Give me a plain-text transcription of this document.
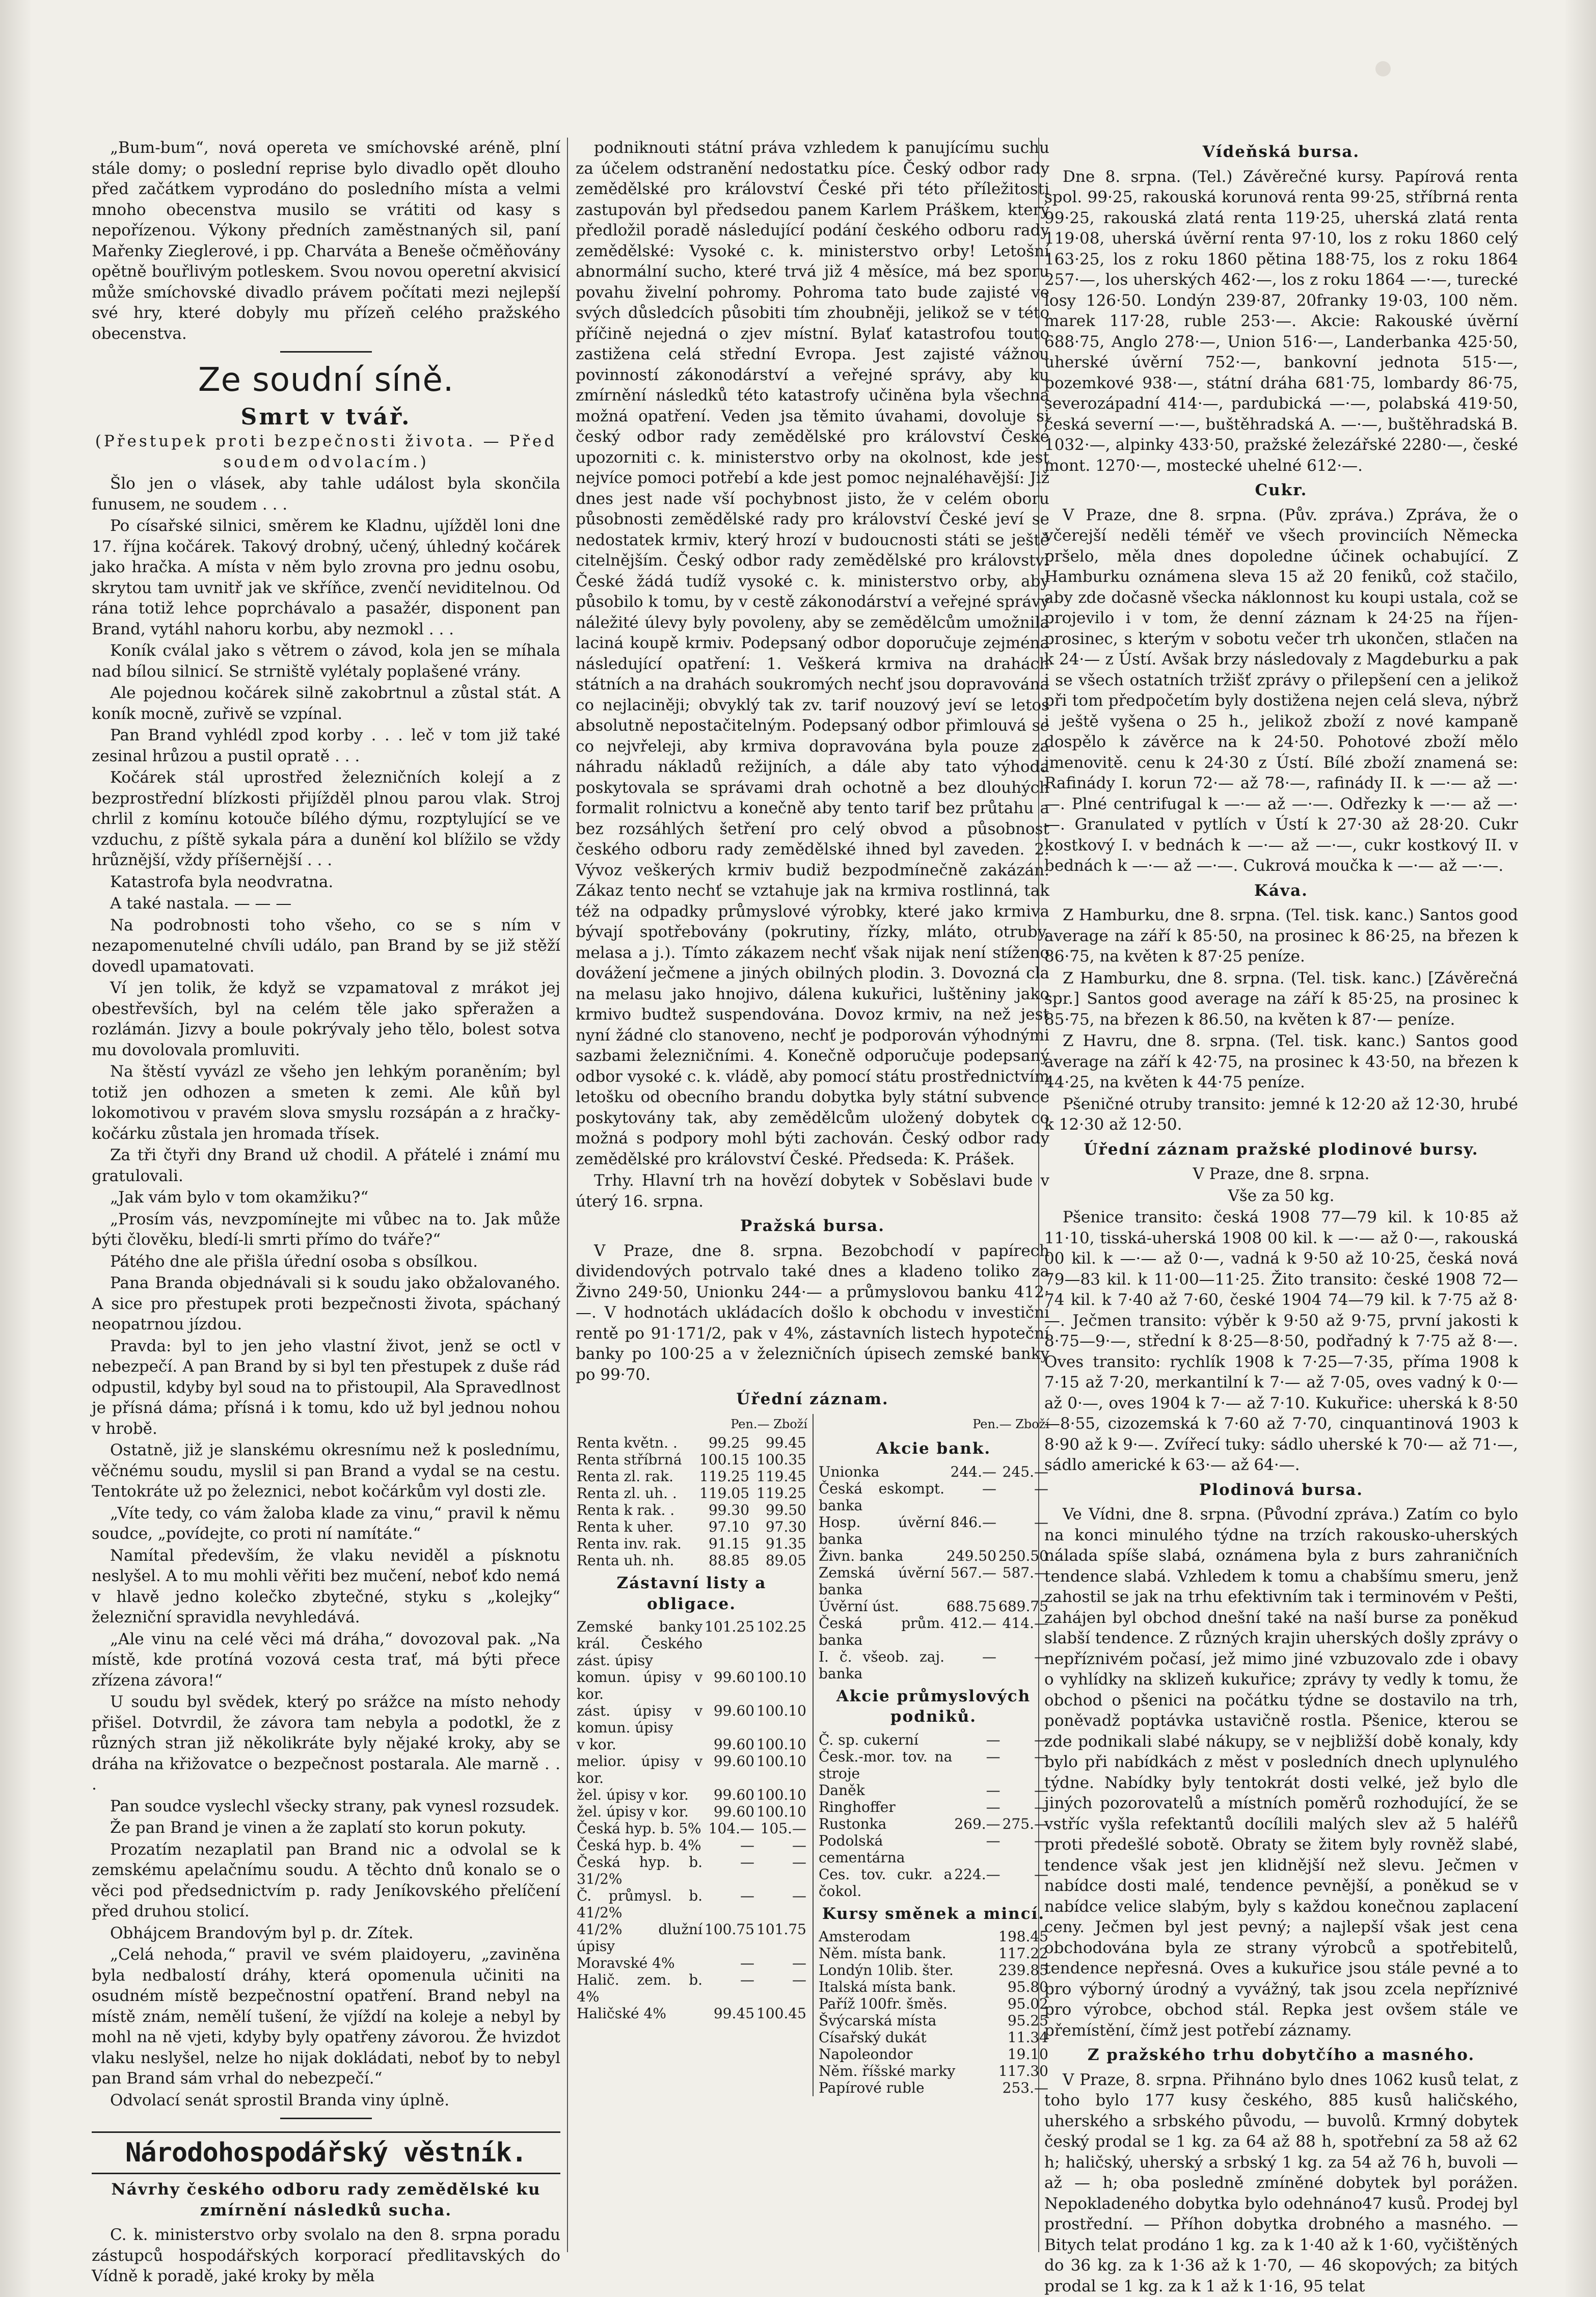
„Bum-bum“, nová opereta ve smíchovské aréně, plní stále domy; o poslední reprise bylo divadlo opět dlouho před začátkem vyprodáno do posledního místa a velmi mnoho obecenstva musilo se vrátiti od kasy s nepořízenou. Výkony předních zaměstnaných sil, paní Mařenky Zieglerové, i pp. Charváta a Beneše očměňovány opětně bouřlivým potleskem. Svou novou operetní akvisicí může smíchovské divadlo právem počítati mezi nejlepší své hry, které dobyly mu přízeň celého pražského obecenstva.

Ze soudní síně.
Smrt v tvář.

(Přestupek proti bezpečnosti života. — Před soudem odvolacím.)

Šlo jen o vlásek, aby tahle událost byla skončila funusem, ne soudem . . .

Po císařské silnici, směrem ke Kladnu, ujížděl loni dne 17. října kočárek. Takový drobný, učený, úhledný kočárek jako hračka. A místa v něm bylo zrovna pro jednu osobu, skrytou tam uvnitř jak ve skříňce, zvenčí neviditelnou. Od rána totiž lehce poprchávalo a pasažér, disponent pan Brand, vytáhl nahoru korbu, aby nezmokl . . .

Koník cválal jako s větrem o závod, kola jen se míhala nad bílou silnicí. Se strniště vylétaly poplašené vrány.

Ale pojednou kočárek silně zakobrtnul a zůstal stát. A koník mocně, zuřivě se vzpínal.

Pan Brand vyhlédl zpod korby . . . leč v tom již také zesinal hrůzou a pustil opratě . . .

Kočárek stál uprostřed železničních kolejí a z bezprostřední blízkosti přijížděl plnou parou vlak. Stroj chrlil z komínu kotouče bílého dýmu, rozptylující se ve vzduchu, z píště sykala pára a dunění kol blížilo se vždy hrůznější, vždy příšernější . . .

Katastrofa byla neodvratna.

A také nastala. — — —

Na podrobnosti toho všeho, co se s ním v nezapomenutelné chvíli událo, pan Brand by se již stěží dovedl upamatovati.

Ví jen tolik, že když se vzpamatoval z mrákot jej obestřevších, byl na celém těle jako spřeražen a rozlámán. Jizvy a boule pokrývaly jeho tělo, bolest sotva mu dovolovala promluviti.

Na štěstí vyvázl ze všeho jen lehkým poraněním; byl totiž jen odhozen a smeten k zemi. Ale kůň byl lokomotivou v pravém slova smyslu rozsápán a z hračky-kočárku zůstala jen hromada třísek.

Za tři čtyři dny Brand už chodil. A přátelé i známí mu gratulovali.

„Jak vám bylo v tom okamžiku?“

„Prosím vás, nevzpomínejte mi vůbec na to. Jak může býti člověku, bledí-li smrti přímo do tváře?“

Pátého dne ale přišla úřední osoba s obsílkou.

Pana Branda objednávali si k soudu jako obžalovaného. A sice pro přestupek proti bezpečnosti života, spáchaný neopatrnou jízdou.

Pravda: byl to jen jeho vlastní život, jenž se octl v nebezpečí. A pan Brand by si byl ten přestupek z duše rád odpustil, kdyby byl soud na to přistoupil, Ala Spravedlnost je přísná dáma; přísná i k tomu, kdo už byl jednou nohou v hrobě.

Ostatně, již je slanskému okresnímu než k poslednímu, věčnému soudu, myslil si pan Brand a vydal se na cestu. Tentokráte už po železnici, nebot kočárkům vyl dosti zle.

„Víte tedy, co vám žaloba klade za vinu,“ pravil k němu soudce, „povídejte, co proti ní namítáte.“

Namítal především, že vlaku neviděl a písknotu neslyšel. A to mu mohli věřiti bez mučení, neboť kdo nemá v hlavě jedno kolečko zbytečné, styku s „kolejky“ železniční spravidla nevyhledává.

„Ale vinu na celé věci má dráha,“ dovozoval pak. „Na místě, kde protíná vozová cesta trať, má býti přece zřízena závora!“

U soudu byl svědek, který po srážce na místo nehody přišel. Dotvrdil, že závora tam nebyla a podotkl, že z různých stran již několikráte byly nějaké kroky, aby se dráha na křižovatce o bezpečnost postarala. Ale marně . . .

Pan soudce vyslechl všecky strany, pak vynesl rozsudek.

Že pan Brand je vinen a že zaplatí sto korun pokuty.

Prozatím nezaplatil pan Brand nic a odvolal se k zemskému apelačnímu soudu. A těchto dnů konalo se o věci pod předsednictvím p. rady Jeníkovského přelíčení před druhou stolicí.

Obhájcem Brandovým byl p. dr. Zítek.

„Celá nehoda,“ pravil ve svém plaidoyeru, „zaviněna byla nedbalostí dráhy, která opomenula učiniti na osudném místě bezpečnostní opatření. Brand nebyl na místě znám, nemělí tušení, že vjíždí na koleje a nebyl by mohl na ně vjeti, kdyby byly opatřeny závorou. Že hvizdot vlaku neslyšel, nelze ho nijak dokládati, neboť by to nebyl pan Brand sám vrhal do nebezpečí.“

Odvolací senát sprostil Branda viny úplně.

Národohospodářský věstník.

Návrhy českého odboru rady zemědělské ku zmírnění následků sucha.

C. k. ministerstvo orby svolalo na den 8. srpna poradu zástupců hospodářských korporací předlitavských do Vídně k poradě, jaké kroky by měla

podniknouti státní práva vzhledem k panujícímu suchu za účelem odstranění nedostatku píce. Český odbor rady zemědělské pro království České při této příležitosti zastupován byl předsedou panem Karlem Práškem, který předložil poradě následující podání českého odboru rady zemědělské: Vysoké c. k. ministerstvo orby! Letošní abnormální sucho, které trvá již 4 měsíce, má bez sporu povahu živelní pohromy. Pohroma tato bude zajisté ve svých důsledcích působiti tím zhoubněji, jelikož se v této příčině nejedná o zjev místní. Bylať katastrofou touto zastižena celá střední Evropa. Jest zajisté vážnou povinností zákonodárství a veřejné správy, aby ku zmírnění následků této katastrofy učiněna byla všechna možná opatření. Veden jsa těmito úvahami, dovoluje si český odbor rady zemědělské pro království České upozorniti c. k. ministerstvo orby na okolnost, kde jest nejvíce pomoci potřebí a kde jest pomoc nejnaléhavější: Již dnes jest nade vší pochybnost jisto, že v celém oboru působnosti zemědělské rady pro království České jeví se nedostatek krmiv, který hrozí v budoucnosti státi se ještě citelnějším. Český odbor rady zemědělské pro království České žádá tudíž vysoké c. k. ministerstvo orby, aby působilo k tomu, by v cestě zákonodárství a veřejné správy náležité úlevy byly povoleny, aby se zemědělcům umožnila laciná koupě krmiv. Podepsaný odbor doporučuje zejména následující opatření: 1. Veškerá krmiva na drahách státních a na drahách soukromých nechť jsou dopravována co nejlaciněji; obvyklý tak zv. tarif nouzový jeví se letos absolutně nepostačitelným. Podepsaný odbor přimlouvá se co nejvřeleji, aby krmiva dopravována byla pouze za náhradu nákladů režijních, a dále aby tato výhoda poskytovala se správami drah ochotně a bez dlouhých formalit rolnictvu a konečně aby tento tarif bez průtahu a bez rozsáhlých šetření pro celý obvod a působnost českého odboru rady zemědělské ihned byl zaveden. 2. Vývoz veškerých krmiv budiž bezpodmínečně zakázán. Zákaz tento nechť se vztahuje jak na krmiva rostlinná, tak též na odpadky průmyslové výrobky, které jako krmiva bývají spotřebovány (pokrutiny, řízky, mláto, otruby, melasa a j.). Tímto zákazem nechť však nijak není stíženo dovážení ječmene a jiných obilných plodin. 3. Dovozná cla na melasu jako hnojivo, dálena kukuřici, luštěniny jako krmivo budtež suspendována. Dovoz krmiv, na než jest nyní žádné clo stanoveno, nechť je podporován výhodnými sazbami železničními. 4. Konečně odporučuje podepsaný odbor vysoké c. k. vládě, aby pomocí státu prostřednictvím letošku od obecního brandu dobytka byly státní subvence poskytovány tak, aby zemědělcům uložený dobytek co možná s podpory mohl býti zachován. Český odbor rady zemědělské pro království České. Předseda: K. Prášek.

Trhy. Hlavní trh na hovězí dobytek v Soběslavi bude v úterý 16. srpna.

Pražská bursa.

V Praze, dne 8. srpna. Bezobchodí v papírech dividendových potrvalo také dnes a kladeno toliko za Živno 249·50, Unionku 244·— a průmyslovou banku 412·—. V hodnotách ukládacích došlo k obchodu v investiční rentě po 91·171/2, pak v 4%, zástavních listech hypoteční banky po 100·25 a v železničních úpisech zemské banky po 99·70.

Úřední záznam.

Pen.— Zboží
Renta květn. .	99.25	99.45
Renta stříbrná	100.15	100.35
Renta zl. rak.	119.25	119.45
Renta zl. uh. .	119.05	119.25
Renta k rak. .	99.30	99.50
Renta k uher.	97.10	97.30
Renta inv. rak.	91.15	91.35
Renta uh. nh.	88.85	89.05

Zástavní listy a obligace.

Zemské banky král. Českého zást. úpisy	101.25	102.25
komun. úpisy v kor.	99.60	100.10
zást. úpisy v komun. úpisy	99.60	100.10
v kor.	99.60	100.10
melior. úpisy v kor.	99.60	100.10
žel. úpisy v kor.	99.60	100.10
žel. úpisy v kor.	99.60	100.10
Česká hyp. b. 5%	104.—	105.—
Česká hyp. b. 4%	—	—
Česká hyp. b. 31/2%	—	—
Č. průmysl. b. 41/2%	—	—
41/2% dlužní úpisy	100.75	101.75
Moravské 4%	—	—
Halič. zem. b. 4%	—	—
Haličské 4%	99.45	100.45
Pen.— Zboží

Akcie bank.

Unionka	244.—	245.—
Česká eskompt. banka	—	—
Hosp. úvěrní banka	846.—	—
Živn. banka	249.50	250.50
Zemská úvěrní banka	567.—	587.—
Úvěrní úst.	688.75	689.75
Česká prům. banka	412.—	414.—
I. č. všeob. zaj. banka	—	—

Akcie průmyslových podniků.

Č. sp. cukerní	—	—
Česk.-mor. tov. na stroje	—	—
Daněk	—	—
Ringhoffer	—	—
Rustonka	269.—	275.—
Podolská cementárna	—	—
Ces. tov. cukr. a čokol.	224.—	—

Kursy směnek a mincí.

Amsterodam	198.45
Něm. místa bank.	117.22
Londýn 10lib. šter.	239.85
Italská místa bank.	95.80
Paříž 100fr. šměs.	95.02
Švýcarská místa	95.25
Císařský dukát	11.34
Napoleondor	19.10
Něm. říšské marky	117.30
Papírové ruble	253.—

Vídeňská bursa.

Dne 8. srpna. (Tel.) Závěrečné kursy. Papírová renta spol. 99·25, rakouská korunová renta 99·25, stříbrná renta 99·25, rakouská zlatá renta 119·25, uherská zlatá renta 119·08, uherská úvěrní renta 97·10, los z roku 1860 celý 163·25, los z roku 1860 pětina 188·75, los z roku 1864 257·—, los uherských 462·—, los z roku 1864 —·—, turecké losy 126·50. Londýn 239·87, 20franky 19·03, 100 něm. marek 117·28, ruble 253·—. Akcie: Rakouské úvěrní 688·75, Anglo 278·—, Union 516·—, Landerbanka 425·50, uherské úvěrní 752·—, bankovní jednota 515·—, pozemkové 938·—, státní dráha 681·75, lombardy 86·75, severozápadní 414·—, pardubická —·—, polabská 419·50, česká severní —·—, buštěhradská A. —·—, buštěhradská B. 1032·—, alpinky 433·50, pražské železářské 2280·—, české mont. 1270·—, mostecké uhelné 612·—.

Cukr.

V Praze, dne 8. srpna. (Pův. zpráva.) Zpráva, že o včerejší neděli téměř ve všech provinciích Německa pršelo, měla dnes dopoledne účinek ochabující. Z Hamburku oznámena sleva 15 až 20 feniků, což stačilo, aby zde dočasně všecka náklonnost ku koupi ustala, což se projevilo i v tom, že denní záznam k 24·25 na říjen-prosinec, s kterým v sobotu večer trh ukončen, stlačen na k 24·— z Ústí. Avšak brzy následovaly z Magdeburku a pak i se všech ostatních tržišť zprávy o přilepšení cen a jelikož při tom předpočetím byly dostižena nejen celá sleva, nýbrž i ještě vyšena o 25 h., jelikož zboží z nové kampaně dospělo k závěrce na k 24·50. Pohotové zboží mělo jmenovitě. cenu k 24·30 z Ústí. Bílé zboží znamená se: Rafinády I. korun 72·— až 78·—, rafinády II. k —·— až —·—. Plné centrifugal k —·— až —·—. Odřezky k —·— až —·—. Granulated v pytlích v Ústí k 27·30 až 28·20. Cukr kostkový I. v bednách k —·— až —·—, cukr kostkový II. v bednách k —·— až —·—. Cukrová moučka k —·— až —·—.

Káva.

Z Hamburku, dne 8. srpna. (Tel. tisk. kanc.) Santos good average na září k 85·50, na prosinec k 86·25, na březen k 86·75, na květen k 87·25 peníze.

Z Hamburku, dne 8. srpna. (Tel. tisk. kanc.) [Závěrečná spr.] Santos good average na září k 85·25, na prosinec k 85·75, na březen k 86.50, na květen k 87·— peníze.

Z Havru, dne 8. srpna. (Tel. tisk. kanc.) Santos good average na září k 42·75, na prosinec k 43·50, na březen k 44·25, na květen k 44·75 peníze.

Pšeničné otruby transito: jemné k 12·20 až 12·30, hrubé k 12·30 až 12·50.

Úřední záznam pražské plodinové bursy.

V Praze, dne 8. srpna.

Vše za 50 kg.

Pšenice transito: česká 1908 77—79 kil. k 10·85 až 11·10, tisská-uherská 1908 00 kil. k —·— až 0·—, rakouská 00 kil. k —·— až 0·—, vadná k 9·50 až 10·25, česká nová 79—83 kil. k 11·00—11·25. Žito transito: české 1908 72—74 kil. k 7·40 až 7·60, české 1904 74—79 kil. k 7·75 až 8·—. Ječmen transito: výběr k 9·50 až 9·75, první jakosti k 8·75—9·—, střední k 8·25—8·50, podřadný k 7·75 až 8·—. Oves transito: rychlík 1908 k 7·25—7·35, příma 1908 k 7·15 až 7·20, merkantilní k 7·— až 7·05, oves vadný k 0·— až 0·—, oves 1904 k 7·— až 7·10. Kukuřice: uherská k 8·50—8·55, cizozemská k 7·60 až 7·70, cinquantinová 1903 k 8·90 až k 9·—. Zvířecí tuky: sádlo uherské k 70·— až 71·—, sádlo americké k 63·— až 64·—.

Plodinová bursa.

Ve Vídni, dne 8. srpna. (Původní zpráva.) Zatím co bylo na konci minulého týdne na trzích rakousko-uherských nálada spíše slabá, oznámena byla z burs zahraničních tendence slabá. Vzhledem k tomu a chabšímu smeru, jenž zahostil se jak na trhu efektivním tak i terminovém v Pešti, zahájen byl obchod dnešní také na naší burse za poněkud slabší tendence. Z různých krajin uherských došly zprávy o nepříznivém počasí, jež mimo jiné vzbuzovalo zde i obavy o vyhlídky na sklizeň kukuřice; zprávy ty vedly k tomu, že obchod o pšenici na počátku týdne se dostavilo na trh, poněvadž poptávka ustavičně rostla. Pšenice, kterou se zde podnikali slabé nákupy, se v nejbližší době konaly, kdy bylo při nabídkách z měst v posledních dnech uplynulého týdne. Nabídky byly tentokrát dosti velké, jež bylo dle jiných pozorovatelů a místních poměrů rozhodující, že se vstříc vyšla refektantů docílili malých slev až 5 haléřů proti předešlé sobotě. Obraty se žitem byly rovněž slabé, tendence však jest jen klidnější než slevu. Ječmen v nabídce dosti malé, tendence pevnější, a poněkud se v nabídce velice slabým, byly s každou konečnou zaplacení ceny. Ječmen byl jest pevný; a najlepší však jest cena obchodována byla ze strany výrobců a spotřebitelů, tendence nepřesná. Oves a kukuřice jsou stále pevné a to pro výborný úrodný a vyvážný, tak jsou zcela nepříznivé pro výrobce, obchod stál. Repka jest ovšem stále ve přemístění, čímž jest potřebí záznamy.

Z pražského trhu dobytčího a masného.

V Praze, 8. srpna. Přihnáno bylo dnes 1062 kusů telat, z toho bylo 177 kusy českého, 885 kusů haličského, uherského a srbského původu, — buvolů. Krmný dobytek český prodal se 1 kg. za 64 až 88 h, spotřební za 58 až 62 h; haličský, uherský a srbský 1 kg. za 54 až 76 h, buvoli — až — h; oba posledně zmíněné dobytek byl porážen. Nepokladeného dobytka bylo odehnáno47 kusů. Prodej byl prostřední. — Příhon dobytka drobného a masného. — Bitych telat prodáno 1 kg. za k 1·40 až k 1·60, vyčištěných do 36 kg. za k 1·36 až k 1·70, — 46 skopových; za bitých prodal se 1 kg. za k 1 až k 1·16, 95 telat
